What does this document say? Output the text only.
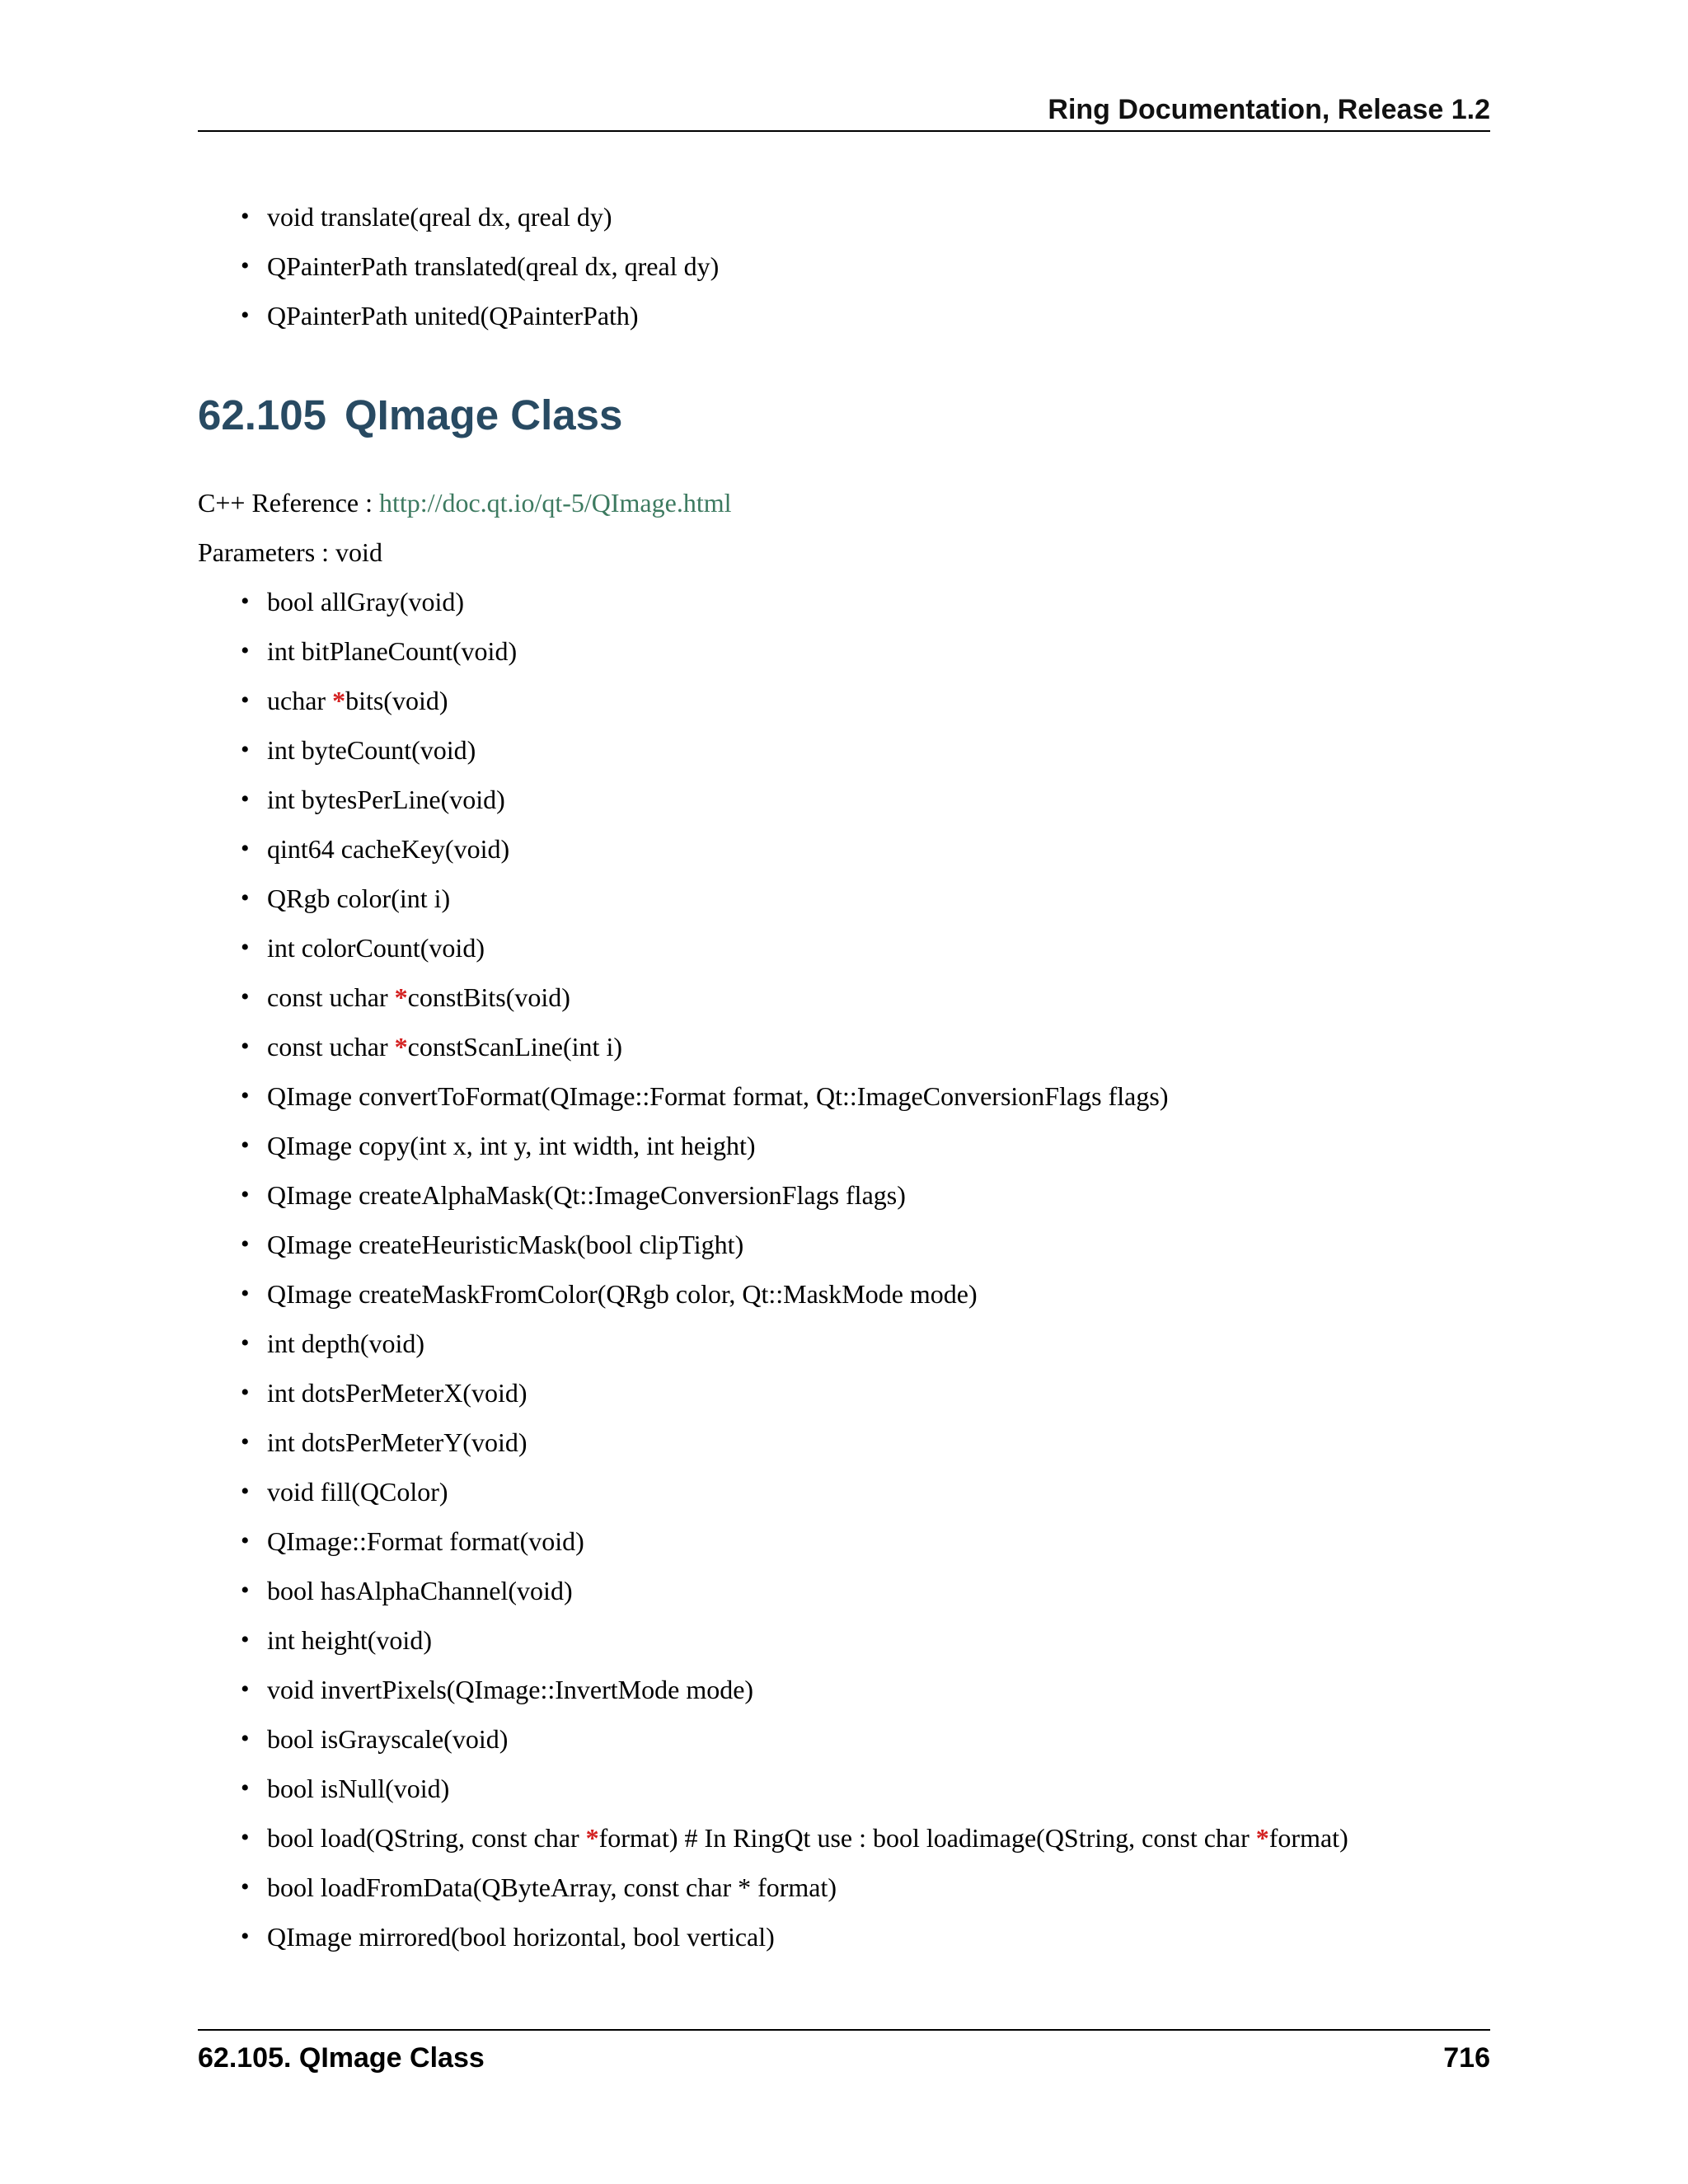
Ring Documentation, Release 1.2
• void translate(qreal dx, qreal dy)
• QPainterPath translated(qreal dx, qreal dy)
• QPainterPath united(QPainterPath)
62.105 QImage Class
C++ Reference : http://doc.qt.io/qt-5/QImage.html
Parameters : void
• bool allGray(void)
• int bitPlaneCount(void)
• uchar *bits(void)
• int byteCount(void)
• int bytesPerLine(void)
• qint64 cacheKey(void)
• QRgb color(int i)
• int colorCount(void)
• const uchar *constBits(void)
• const uchar *constScanLine(int i)
• QImage convertToFormat(QImage::Format format, Qt::ImageConversionFlags flags)
• QImage copy(int x, int y, int width, int height)
• QImage createAlphaMask(Qt::ImageConversionFlags flags)
• QImage createHeuristicMask(bool clipTight)
• QImage createMaskFromColor(QRgb color, Qt::MaskMode mode)
• int depth(void)
• int dotsPerMeterX(void)
• int dotsPerMeterY(void)
• void fill(QColor)
• QImage::Format format(void)
• bool hasAlphaChannel(void)
• int height(void)
• void invertPixels(QImage::InvertMode mode)
• bool isGrayscale(void)
• bool isNull(void)
• bool load(QString, const char *format) # In RingQt use : bool loadimage(QString, const char *format)
• bool loadFromData(QByteArray, const char * format)
• QImage mirrored(bool horizontal, bool vertical)
62.105. QImage Class	716
